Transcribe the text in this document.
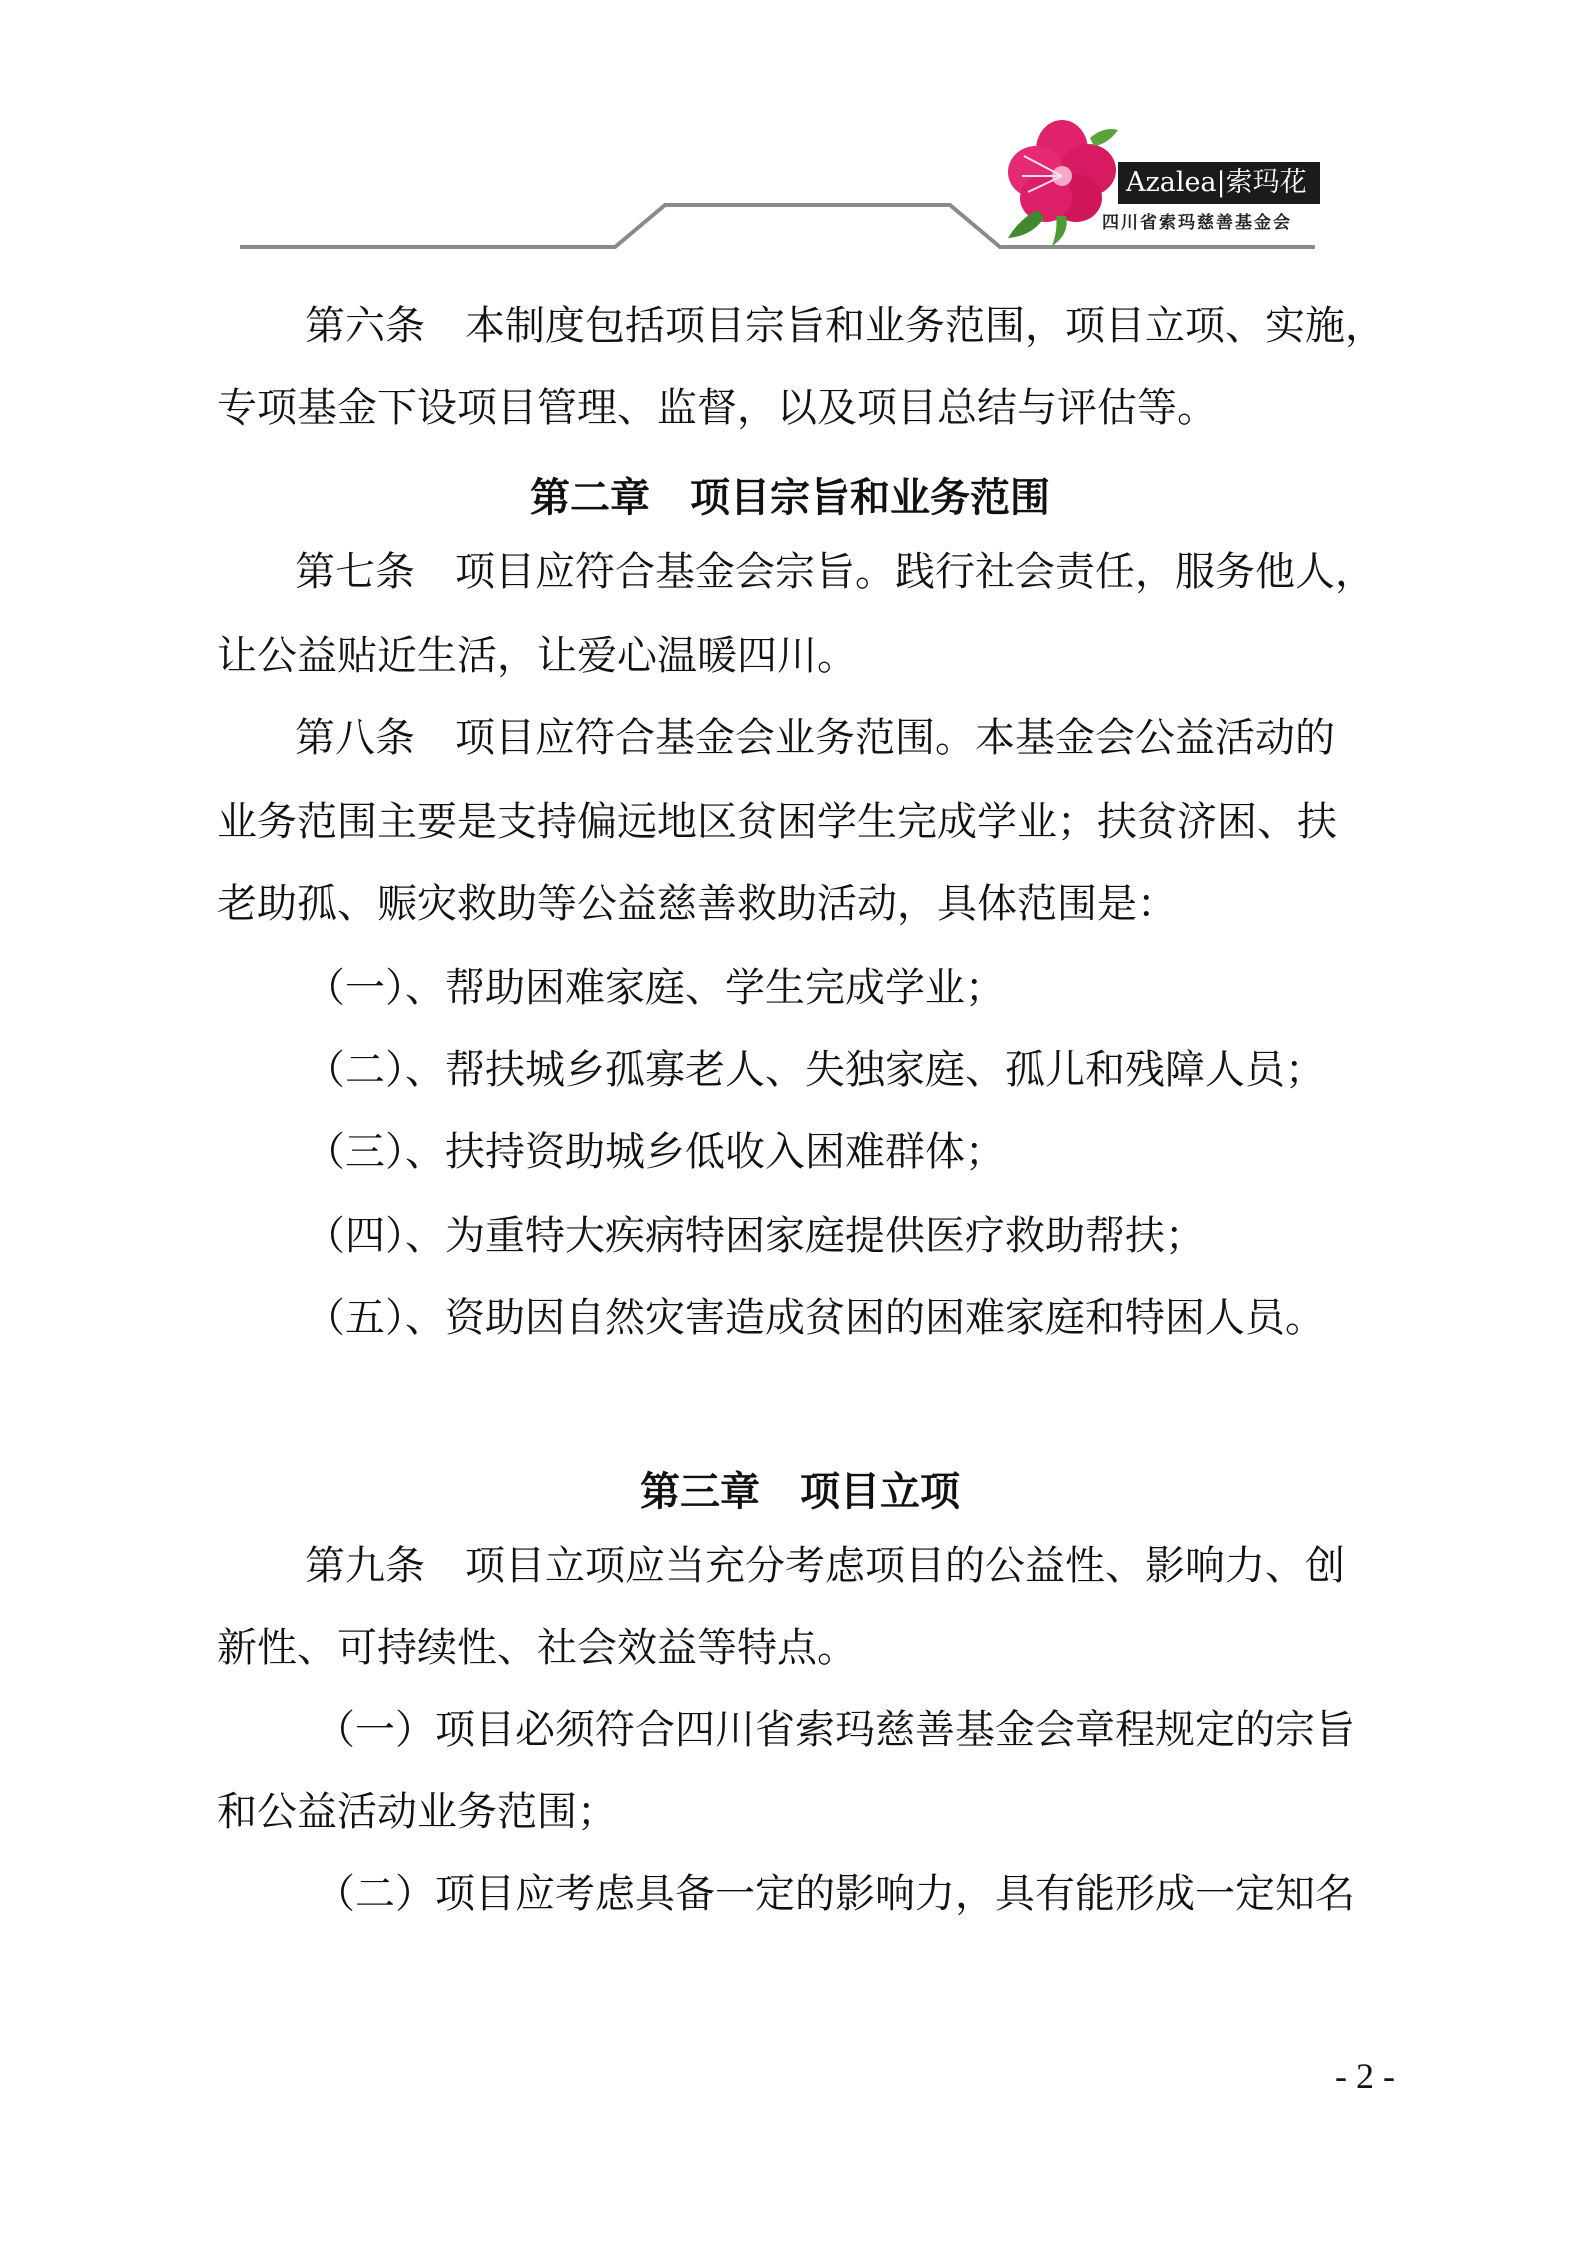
Azalea|索玛花
四川省索玛慈善基金会
第六条　本制度包括项目宗旨和业务范围，项目立项、实施，
专项基金下设项目管理、监督，以及项目总结与评估等。
第二章　项目宗旨和业务范围
第七条　项目应符合基金会宗旨。践行社会责任，服务他人，
让公益贴近生活，让爱心温暖四川。
第八条　项目应符合基金会业务范围。本基金会公益活动的
业务范围主要是支持偏远地区贫困学生完成学业；扶贫济困、扶
老助孤、赈灾救助等公益慈善救助活动，具体范围是：
（一）、帮助困难家庭、学生完成学业；
（二）、帮扶城乡孤寡老人、失独家庭、孤儿和残障人员；
（三）、扶持资助城乡低收入困难群体；
（四）、为重特大疾病特困家庭提供医疗救助帮扶；
（五）、资助因自然灾害造成贫困的困难家庭和特困人员。
第三章　项目立项
第九条　项目立项应当充分考虑项目的公益性、影响力、创
新性、可持续性、社会效益等特点。
（一）项目必须符合四川省索玛慈善基金会章程规定的宗旨
和公益活动业务范围；
（二）项目应考虑具备一定的影响力，具有能形成一定知名
- 2 -
